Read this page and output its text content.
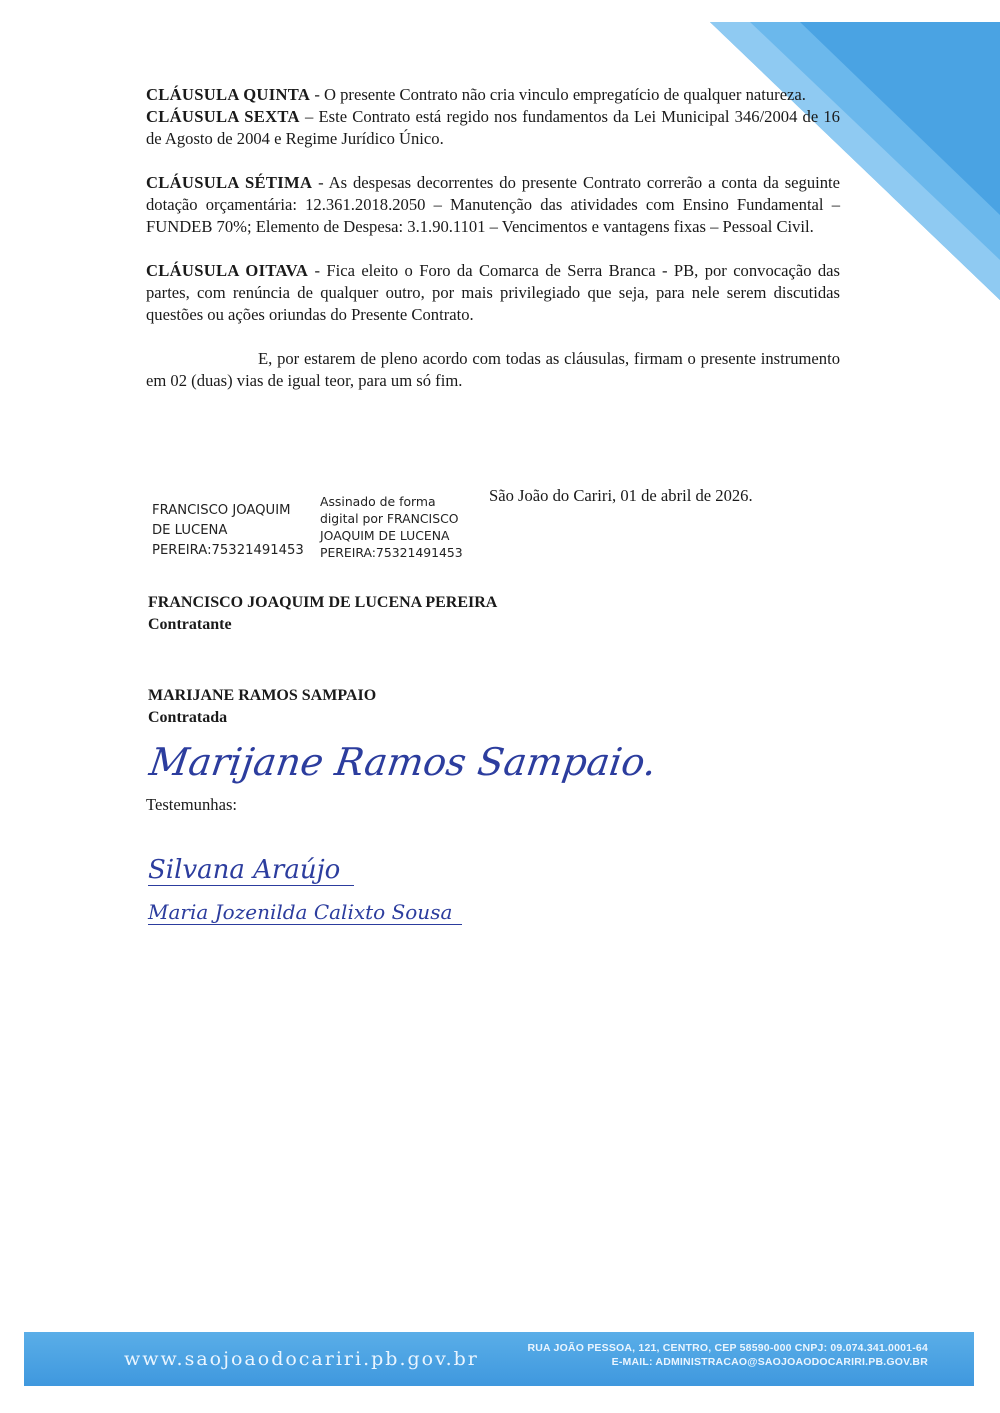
CLÁUSULA QUINTA - O presente Contrato não cria vinculo empregatício de qualquer natureza.

CLÁUSULA SEXTA – Este Contrato está regido nos fundamentos da Lei Municipal 346/2004 de 16 de Agosto de 2004 e Regime Jurídico Único.

CLÁUSULA SÉTIMA - As despesas decorrentes do presente Contrato correrão a conta da seguinte dotação orçamentária: 12.361.2018.2050 – Manutenção das atividades com Ensino Fundamental – FUNDEB 70%; Elemento de Despesa: 3.1.90.1101 – Vencimentos e vantagens fixas – Pessoal Civil.

CLÁUSULA OITAVA - Fica eleito o Foro da Comarca de Serra Branca - PB, por convocação das partes, com renúncia de qualquer outro, por mais privilegiado que seja, para nele serem discutidas questões ou ações oriundas do Presente Contrato.

E, por estarem de pleno acordo com todas as cláusulas, firmam o presente instrumento em 02 (duas) vias de igual teor, para um só fim.

São João do Cariri, 01 de abril de 2026.
FRANCISCO JOAQUIM
DE LUCENA
PEREIRA:75321491453
Assinado de forma
digital por FRANCISCO
JOAQUIM DE LUCENA
PEREIRA:75321491453
FRANCISCO JOAQUIM DE LUCENA PEREIRA
Contratante
MARIJANE RAMOS SAMPAIO
Contratada
Marijane Ramos Sampaio.
Testemunhas:
Silvana Araújo
Maria Jozenilda Calixto Sousa
www.saojoaodocariri.pb.gov.br	RUA JOÃO PESSOA, 121, CENTRO, CEP 58590-000 CNPJ: 09.074.341.0001-64
E-MAIL: ADMINISTRACAO@SAOJOAODOCARIRI.PB.GOV.BR
